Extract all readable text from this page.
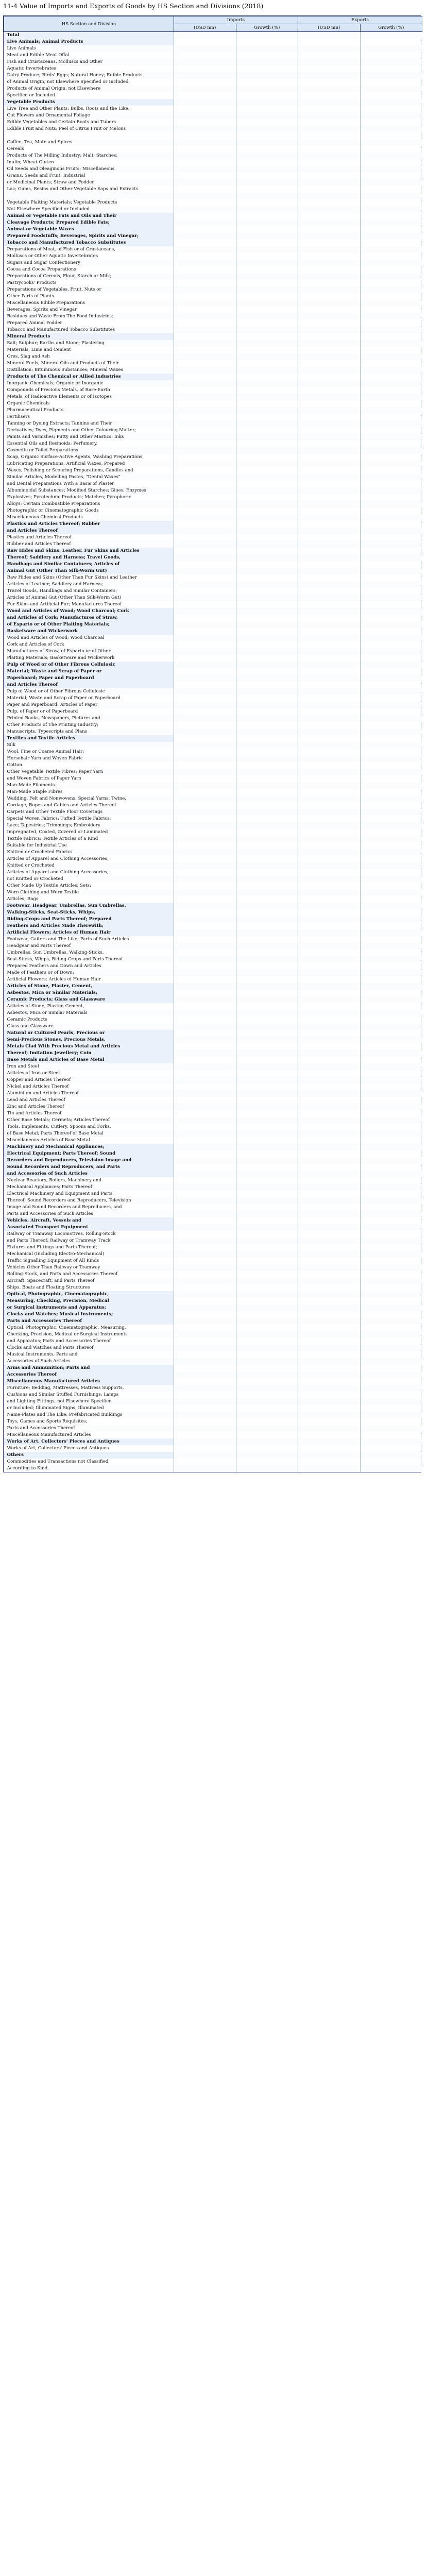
11-4 Value of Imports and Exports of Goods by HS Section and Divisions (2018)
HS Section and Division	Imports		Exports	
	(USD mn)	Growth (%)	(USD mn)	Growth (%)
Total				
Live Animals; Animal Products				
Live Animals				
Meat and Edible Meat Offal				
Fish and Crustaceans, Molluscs and Other				
Aquatic Invertebrates				
Dairy Produce; Birds' Eggs; Natural Honey; Edible Products				
of Animal Origin, not Elsewhere Specified or Included				
Products of Animal Origin, not Elsewhere				
Specified or Included				
Vegetable Products				
Live Tree and Other Plants; Bulbs, Roots and the Like;				
Cut Flowers and Ornamental Foliage				
Edible Vegetables and Certain Roots and Tubers				
Edible Fruit and Nuts; Peel of Citrus Fruit or Melons				

Coffee, Tea, Mate and Spices				
Cereals				
Products of The Milling Industry; Malt; Starches;				
Inulin; Wheat Gluten				
Oil Seeds and Oleaginous Fruits; Miscellaneous				
Grains, Seeds and Fruit; Industrial				
or Medicinal Plants; Straw and Fodder				
Lac; Gums, Resins and Other Vegetable Saps and Extracts				

Vegetable Plaiting Materials; Vegetable Products				
Not Elsewhere Specified or Included				
Animal or Vegetable Fats and Oils and Their				
Cleavage Products; Prepared Edible Fats;				
Animal or Vegetable Waxes				
Prepared Foodstuffs; Beverages, Spirits and Vinegar;				
Tobacco and Manufactured Tobacco Substitutes				
Preparations of Meat, of Fish or of Crustaceans,				
Molluscs or Other Aquatic Invertebrates				
Sugars and Sugar Confectionery				
Cocoa and Cocoa Preparations				
Preparations of Cereals, Flour, Starch or Milk;				
Pastrycooks' Products				
Preparations of Vegetables, Fruit, Nuts or				
Other Parts of Plants				
Miscellaneous Edible Preparations				
Beverages, Spirits and Vinegar				
Residues and Waste From The Food Industries;				
Prepared Animal Fodder				
Tobacco and Manufactured Tobacco Substitutes				
Mineral Products				
Salt; Sulphur; Earths and Stone; Plastering				
Materials, Lime and Cement				
Ores, Slag and Ash				
Mineral Fuels, Mineral Oils and Products of Their				
Distillation; Bituminous Substances; Mineral Waxes				
Products of The Chemical or Allied Industries				
Inorganic Chemicals; Organic or Inorganic				
Compounds of Precious Metals, of Rare-Earth				
Metals, of Radioactive Elements or of Isotopes				
Organic Chemicals				
Pharmaceutical Products				
Fertilisers				
Tanning or Dyeing Extracts; Tannins and Their				
Derivatives; Dyes, Pigments and Other Colouring Matter;				
Paints and Varnishes; Putty and Other Mastics; Inks				
Essential Oils and Resinoids; Perfumery,				
Cosmetic or Toilet Preparations				
Soap, Organic Surface-Active Agents, Washing Preparations,				
Lubricating Preparations, Artificial Waxes, Prepared				
Waxes, Polishing or Scouring Preparations, Candles and				
Similar Articles, Modelling Pastes, "Dental Waxes"				
and Dental Preparations With a Basis of Plaster				
Albuminoidal Substances; Modified Starches; Glues; Enzymes				
Explosives; Pyrotechnic Products; Matches; Pyrophoric				
Alloys; Certain Combustible Preparations				
Photographic or Cinematographic Goods				
Miscellaneous Chemical Products				
Plastics and Articles Thereof; Rubber				
and Articles Thereof				
Plastics and Articles Thereof				
Rubber and Articles Thereof				
Raw Hides and Skins, Leather, Fur Skins and Articles				
Thereof; Saddlery and Harness; Travel Goods,				
Handbags and Similar Containers; Articles of				
Animal Gut (Other Than Silk-Worm Gut)				
Raw Hides and Skins (Other Than Fur Skins) and Leather				
Articles of Leather; Saddlery and Harness;				
Travel Goods, Handbags and Similar Containers;				
Articles of Animal Gut (Other Than Silk-Worm Gut)				
Fur Skins and Artificial Fur; Manufactures Thereof				
Wood and Articles of Wood; Wood Charcoal; Cork				
and Articles of Cork; Manufactures of Straw,				
of Esparto or of Other Plaiting Materials;				
Basketware and Wickerwork				
Wood and Articles of Wood; Wood Charcoal				
Cork and Articles of Cork				
Manufactures of Straw, of Esparto or of Other				
Plaiting Materials; Basketware and Wickerwork				
Pulp of Wood or of Other Fibrous Cellulosic				
Material; Waste and Scrap of Paper or				
Paperboard; Paper and Paperboard				
and Articles Thereof				
Pulp of Wood or of Other Fibrous Cellulosic				
Material; Waste and Scrap of Paper or Paperboard				
Paper and Paperboard; Articles of Paper				
Pulp, of Paper or of Paperboard				
Printed Books, Newspapers, Pictures and				
Other Products of The Printing Industry;				
Manuscripts, Typescripts and Plans				
Textiles and Textile Articles				
Silk				
Wool, Fine or Coarse Animal Hair;				
Horsehair Yarn and Woven Fabric				
Cotton				
Other Vegetable Textile Fibres; Paper Yarn				
and Woven Fabrics of Paper Yarn				
Man-Made Filaments				
Man-Made Staple Fibres				
Wadding, Felt and Nonwovens; Special Yarns; Twine,				
Cordage, Ropes and Cables and Articles Thereof				
Carpets and Other Textile Floor Coverings				
Special Woven Fabrics; Tufted Textile Fabrics;				
Lace; Tapestries; Trimmings; Embroidery				
Impregnated, Coated, Covered or Laminated				
Textile Fabrics; Textile Articles of a Kind				
Suitable for Industrial Use				
Knitted or Crocheted Fabrics				
Articles of Apparel and Clothing Accessories,				
Knitted or Crocheted				
Articles of Apparel and Clothing Accessories,				
not Knitted or Crocheted				
Other Made Up Textile Articles; Sets;				
Worn Clothing and Worn Textile				
Articles; Rags				
Footwear, Headgear, Umbrellas, Sun Umbrellas,				
Walking-Sticks, Seat-Sticks, Whips,				
Riding-Crops and Parts Thereof; Prepared				
Feathers and Articles Made Therewith;				
Artificial Flowers; Articles of Human Hair				
Footwear, Gaiters and The Like; Parts of Such Articles				
Headgear and Parts Thereof				
Umbrellas, Sun Umbrellas, Walking-Sticks,				
Seat-Sticks, Whips, Riding-Crops and Parts Thereof				
Prepared Feathers and Down and Articles				
Made of Feathers or of Down;				
Artificial Flowers; Articles of Human Hair				
Articles of Stone, Plaster, Cement,				
Asbestos, Mica or Similar Materials;				
Ceramic Products; Glass and Glassware				
Articles of Stone, Plaster, Cement,				
Asbestos, Mica or Similar Materials				
Ceramic Products				
Glass and Glassware				
Natural or Cultured Pearls, Precious or				
Semi-Precious Stones, Precious Metals,				
Metals Clad With Precious Metal and Articles				
Thereof; Imitation Jewellery; Coin				
Base Metals and Articles of Base Metal				
Iron and Steel				
Articles of Iron or Steel				
Copper and Articles Thereof				
Nickel and Articles Thereof				
Aluminium and Articles Thereof				
Lead and Articles Thereof				
Zinc and Articles Thereof				
Tin and Articles Thereof				
Other Base Metals; Cermets; Articles Thereof				
Tools, Implements, Cutlery, Spoons and Forks,				
of Base Metal; Parts Thereof of Base Metal				
Miscellaneous Articles of Base Metal				
Machinery and Mechanical Appliances;				
Electrical Equipment; Parts Thereof; Sound				
Recorders and Reproducers, Television Image and				
Sound Recorders and Reproducers, and Parts				
and Accessories of Such Articles				
Nuclear Reactors, Boilers, Machinery and				
Mechanical Appliances; Parts Thereof				
Electrical Machinery and Equipment and Parts				
Thereof; Sound Recorders and Reproducers, Television				
Image and Sound Recorders and Reproducers, and				
Parts and Accessories of Such Articles				
Vehicles, Aircraft, Vessels and				
Associated Transport Equipment				
Railway or Tramway Locomotives, Rolling-Stock				
and Parts Thereof; Railway or Tramway Track				
Fixtures and Fittings and Parts Thereof;				
Mechanical (Including Electro-Mechanical)				
Traffic Signalling Equipment of All Kinds				
Vehicles Other Than Railway or Tramway				
Rolling-Stock, and Parts and Accessories Thereof				
Aircraft, Spacecraft, and Parts Thereof				
Ships, Boats and Floating Structures				
Optical, Photographic, Cinematographic,				
Measuring, Checking, Precision, Medical				
or Surgical Instruments and Apparatus;				
Clocks and Watches; Musical Instruments;				
Parts and Accessories Thereof				
Optical, Photographic, Cinematographic, Measuring,				
Checking, Precision, Medical or Surgical Instruments				
and Apparatus; Parts and Accessories Thereof				
Clocks and Watches and Parts Thereof				
Musical Instruments; Parts and				
Accessories of Such Articles				
Arms and Ammunition; Parts and				
Accessories Thereof				
Miscellaneous Manufactured Articles				
Furniture; Bedding, Mattresses, Mattress Supports,				
Cushions and Similar Stuffed Furnishings; Lamps				
and Lighting Fittings, not Elsewhere Specified				
or Included; Illuminated Signs, Illuminated				
Name-Plates and The Like; Prefabricated Buildings				
Toys, Games and Sports Requisites;				
Parts and Accessories Thereof				
Miscellaneous Manufactured Articles				
Works of Art, Collectors' Pieces and Antiques				
Works of Art, Collectors' Pieces and Antiques				
Others				
Commodities and Transactions not Classified				
According to Kind				
